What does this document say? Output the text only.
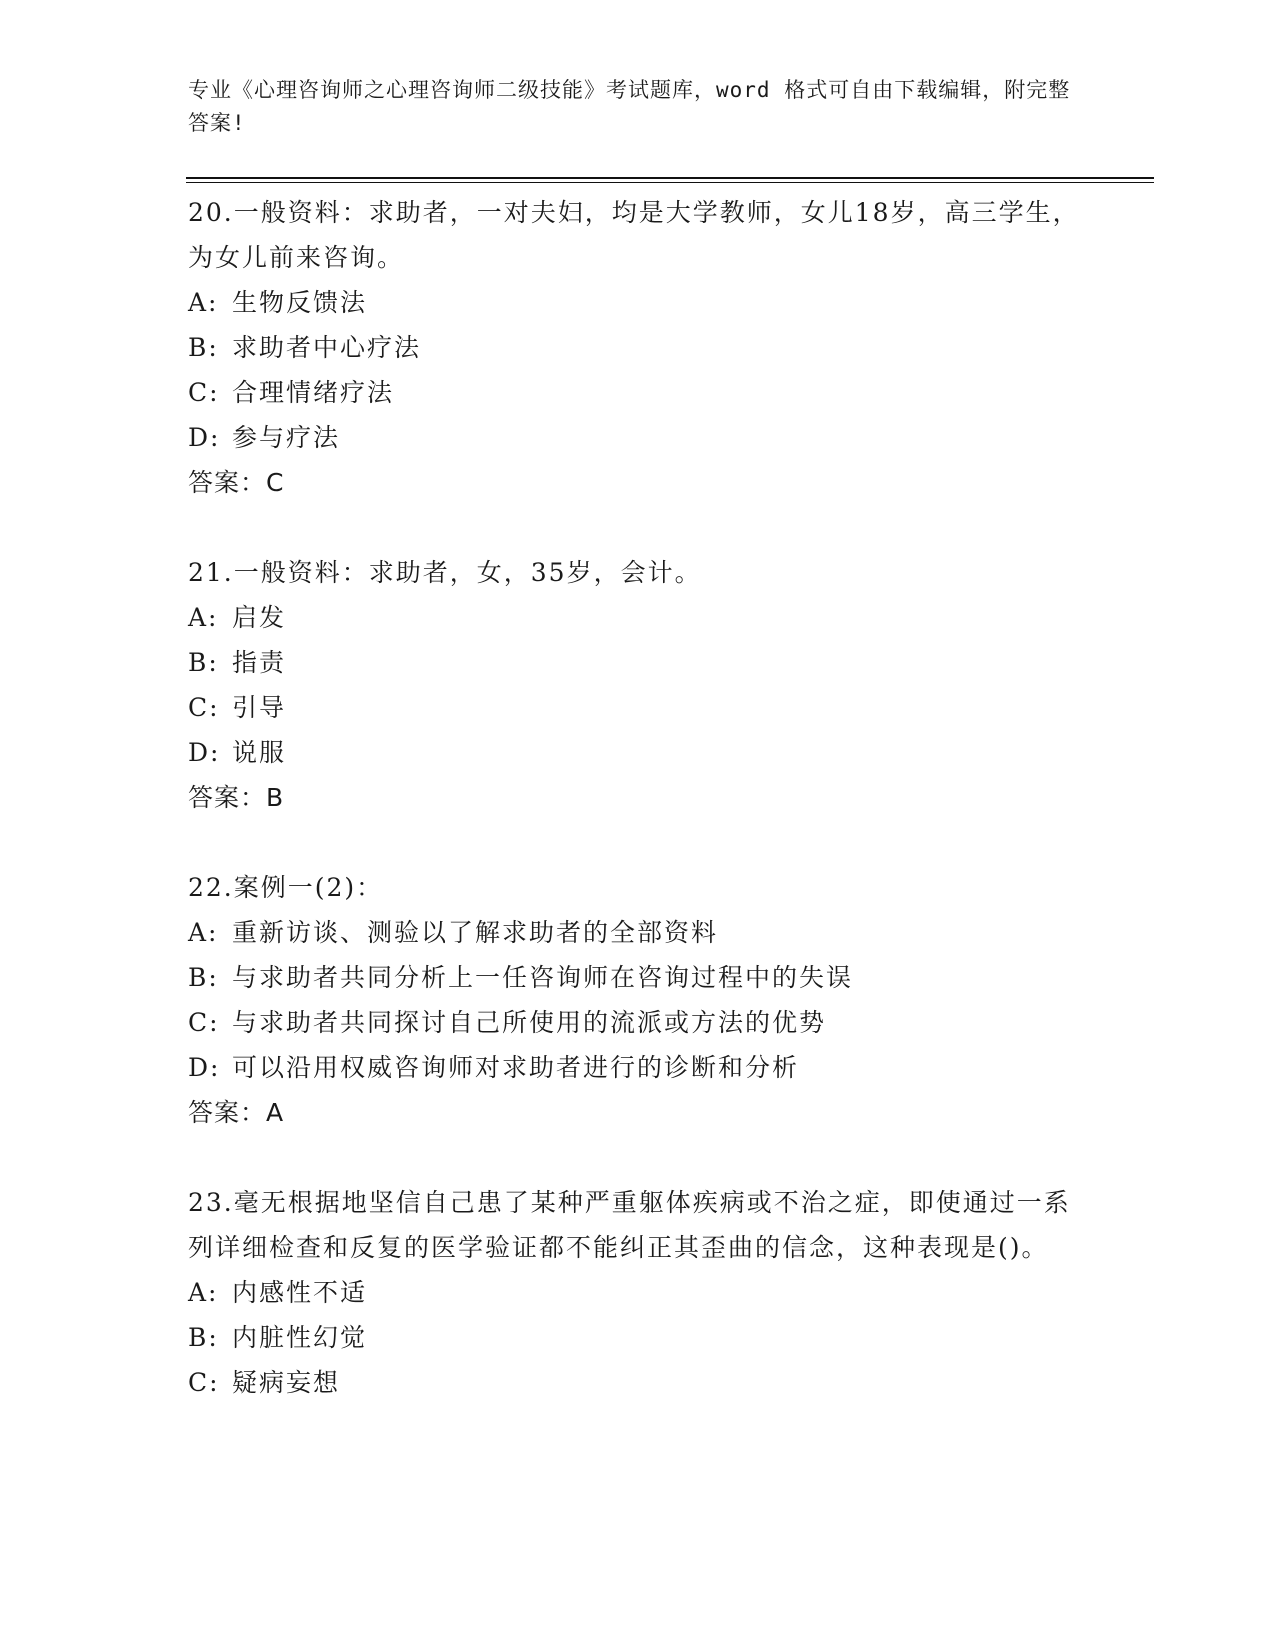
专业《心理咨询师之心理咨询师二级技能》考试题库，word 格式可自由下载编辑，附完整答案!
20.一般资料：求助者，一对夫妇，均是大学教师，女儿18岁，高三学生，为女儿前来咨询。
A: 生物反馈法
B: 求助者中心疗法
C: 合理情绪疗法
D: 参与疗法
答案：C
21.一般资料：求助者，女，35岁，会计。
A: 启发
B: 指责
C: 引导
D: 说服
答案：B
22.案例一(2)：
A: 重新访谈、测验以了解求助者的全部资料
B: 与求助者共同分析上一任咨询师在咨询过程中的失误
C: 与求助者共同探讨自己所使用的流派或方法的优势
D: 可以沿用权威咨询师对求助者进行的诊断和分析
答案：A
23.毫无根据地坚信自己患了某种严重躯体疾病或不治之症，即使通过一系列详细检查和反复的医学验证都不能纠正其歪曲的信念，这种表现是()。
A: 内感性不适
B: 内脏性幻觉
C: 疑病妄想
